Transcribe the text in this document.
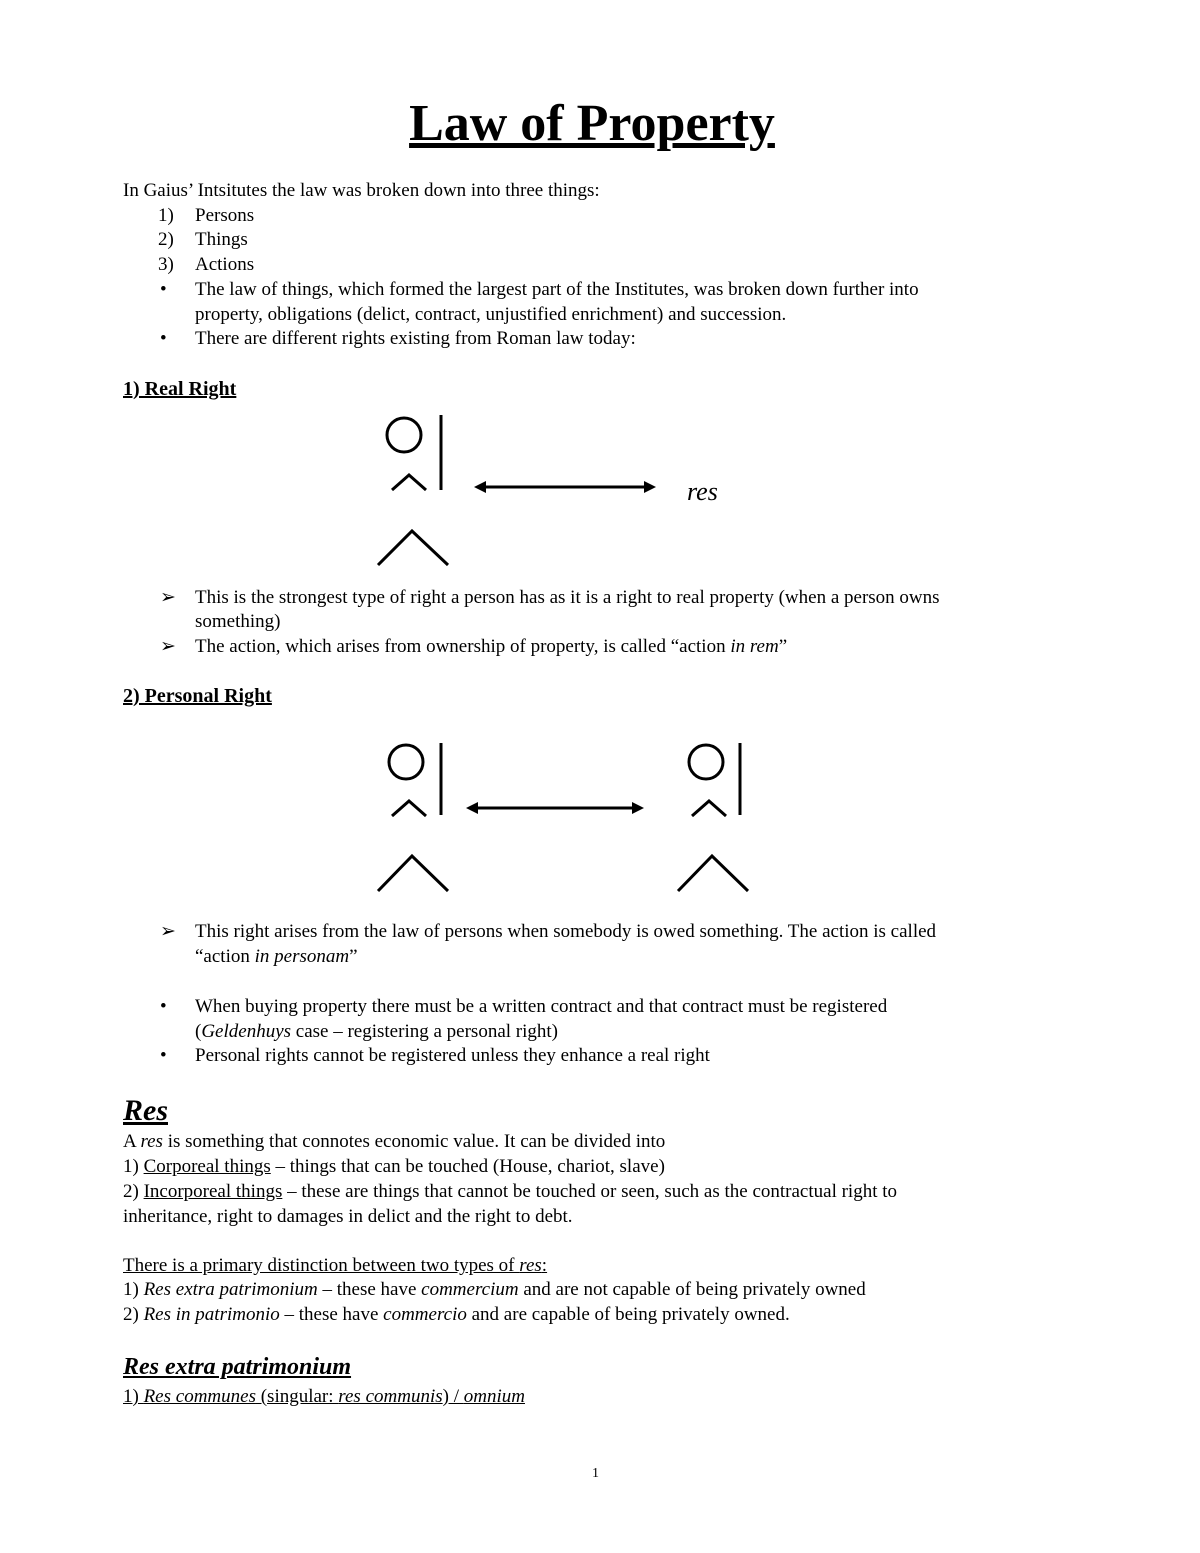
Law of Property
In Gaius’ Intsitutes the law was broken down into three things:
1) Persons
2) Things
3) Actions
• The law of things, which formed the largest part of the Institutes, was broken down further into
property, obligations (delict, contract, unjustified enrichment) and succession.
• There are different rights existing from Roman law today:
1) Real Right
res
➢ This is the strongest type of right a person has as it is a right to real property (when a person owns
something)
➢ The action, which arises from ownership of property, is called “action in rem”
2) Personal Right
➢ This right arises from the law of persons when somebody is owed something. The action is called
“action in personam”
• When buying property there must be a written contract and that contract must be registered
(Geldenhuys case – registering a personal right)
• Personal rights cannot be registered unless they enhance a real right
Res
A res is something that connotes economic value. It can be divided into
1) Corporeal things – things that can be touched (House, chariot, slave)
2) Incorporeal things – these are things that cannot be touched or seen, such as the contractual right to
inheritance, right to damages in delict and the right to debt.
There is a primary distinction between two types of res:
1) Res extra patrimonium – these have commercium and are not capable of being privately owned
2) Res in patrimonio – these have commercio and are capable of being privately owned.
Res extra patrimonium
1) Res communes (singular: res communis) / omnium
1
